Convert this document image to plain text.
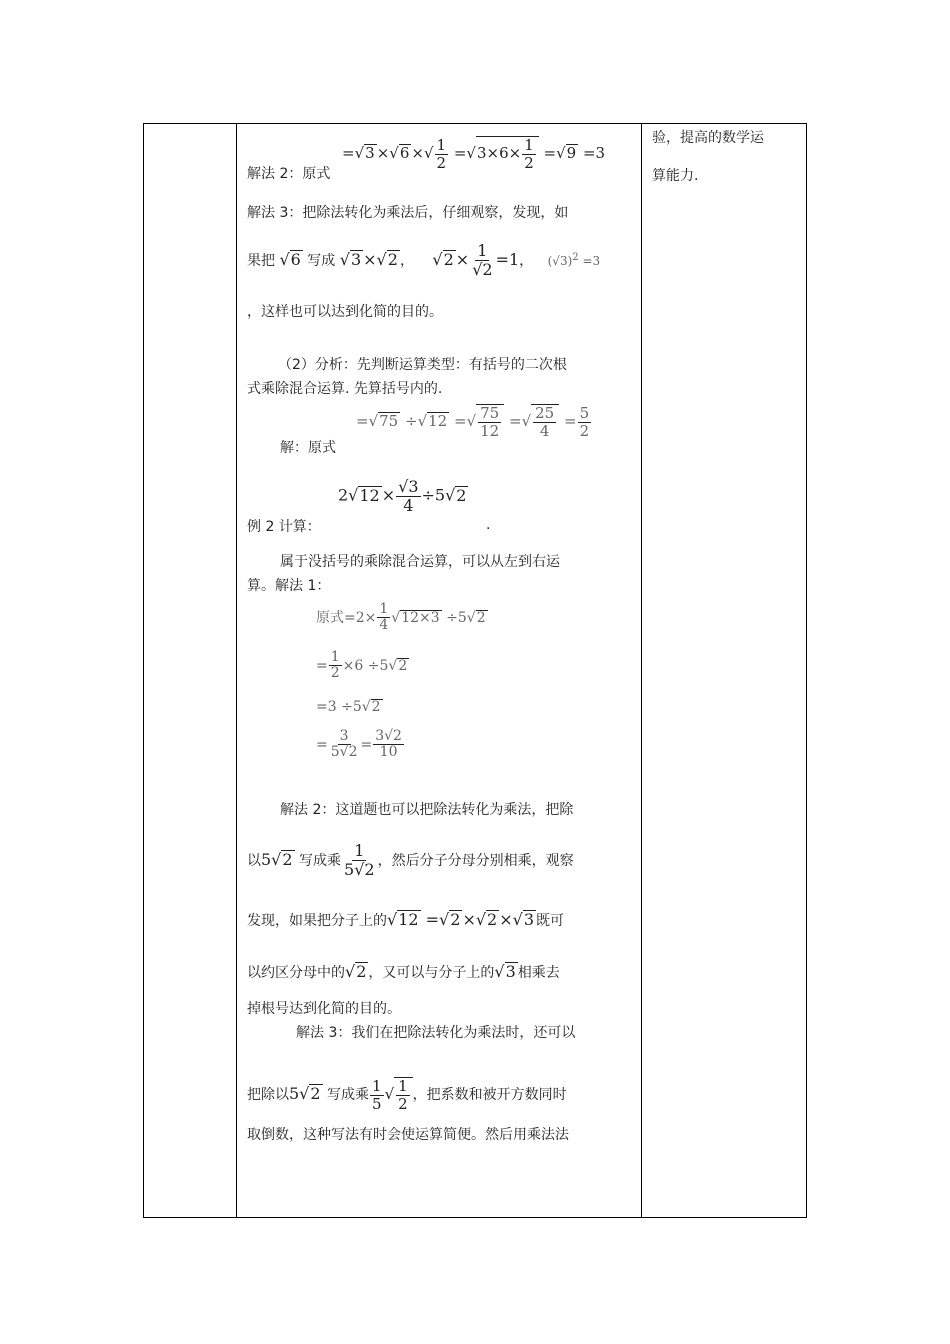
验，提高的数学运
算能力.
=√3 ×√6 ×√ $\frac{1}{2} =√3\times 6\times \frac{1}{2} =√9 =3$
解法 2：原式
解法 3：把除法转化为乘法后，仔细观察，发现，如
果把 √6 写成 √3 ×√2 ， $√2 \times \frac{1}{√2} =1$， $(√3)^2 =3$
，这样也可以达到化简的目的。
（2）分析：先判断运算类型：有括号的二次根
式乘除混合运算. 先算括号内的.
解：原式
=√75 ÷√12 =√ $\frac{75}{12}$ =√ $\frac{25}{4} = \frac{5}{2}$
$2√12 \times \frac{√3}{4} \div 5√2$
例 2 计算：	.
属于没括号的乘除混合运算，可以从左到右运
算。解法 1：
原式$=2\times \frac{1}{4} √12\times 3 \div 5√2$
= $\frac{1}{2} \times 6 \div 5√2$
=3 ÷5√2
= $\frac{3}{5√2} = \frac{3√2}{10}$
解法 2：这道题也可以把除法转化为乘法，把除
以5√2 写成乘 $\frac{1}{5√2}$ ，然后分子分母分别相乘，观察
发现，如果把分子上的√12 =√2 ×√2 ×√3 既可
以约区分母中的√2 ，又可以与分子上的√3 相乘去
掉根号达到化简的目的。
解法 3：我们在把除法转化为乘法时，还可以
把除以5√2 写成乘 $\frac{1}{5}$ √ $\frac{1}{2}$ ，把系数和被开方数同时
取倒数，这种写法有时会使运算简便。然后用乘法法
